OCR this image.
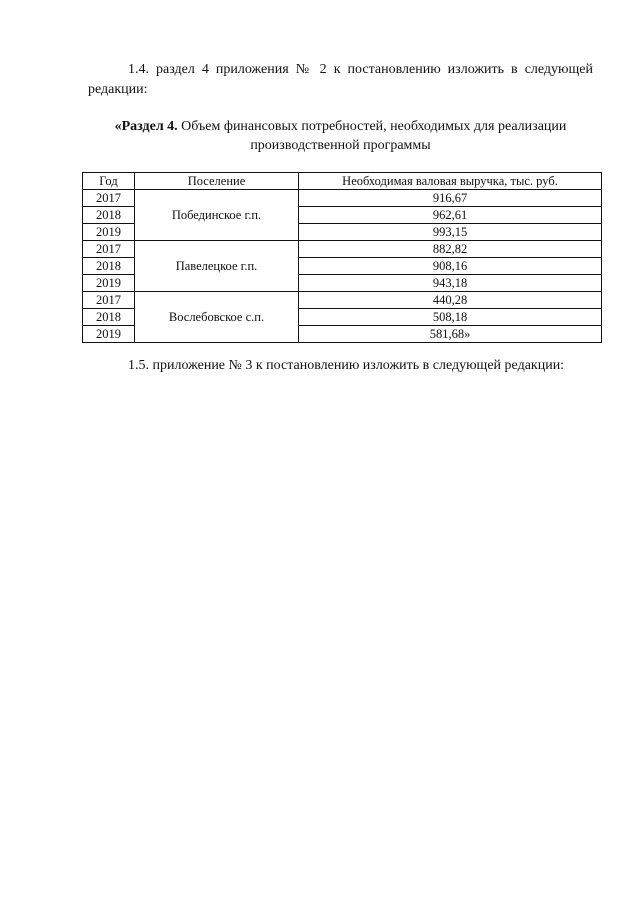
1.4. раздел 4 приложения № 2 к постановлению изложить в следующей редакции:
«Раздел 4. Объем финансовых потребностей, необходимых для реализации производственной программы
Год	Поселение	Необходимая валовая выручка, тыс. руб.
2017	Побединское г.п.	916,67
2018		962,61
2019		993,15
2017	Павелецкое г.п.	882,82
2018		908,16
2019		943,18
2017	Вослебовское с.п.	440,28
2018		508,18
2019		581,68»
1.5. приложение № 3 к постановлению изложить в следующей редакции:
